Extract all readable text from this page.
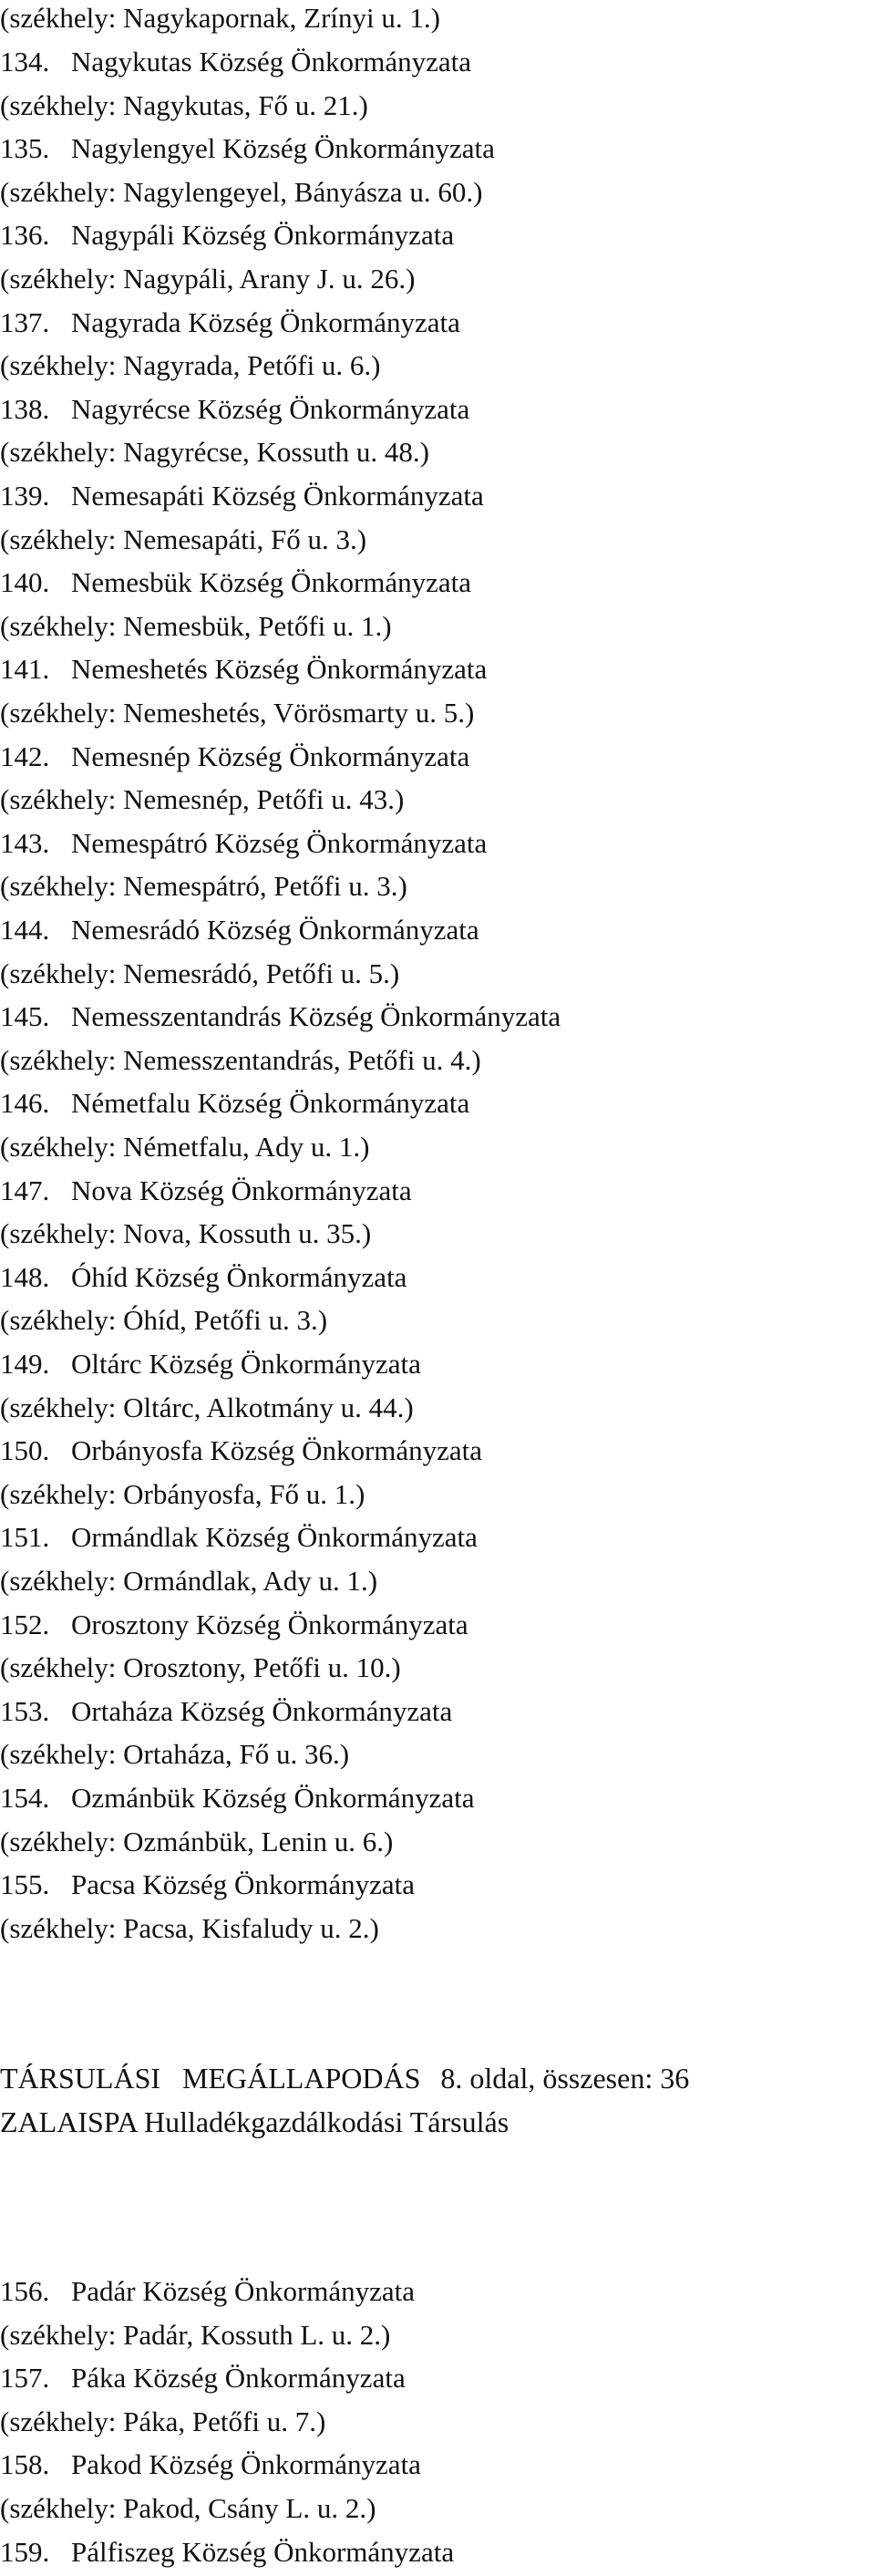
(székhely: Nagykapornak, Zrínyi u. 1.)
134. Nagykutas Község Önkormányzata
(székhely: Nagykutas, Fő u. 21.)
135. Nagylengyel Község Önkormányzata
(székhely: Nagylengeyel, Bányásza u. 60.)
136. Nagypáli Község Önkormányzata
(székhely: Nagypáli, Arany J. u. 26.)
137. Nagyrada Község Önkormányzata
(székhely: Nagyrada, Petőfi u. 6.)
138. Nagyrécse Község Önkormányzata
(székhely: Nagyrécse, Kossuth u. 48.)
139. Nemesapáti Község Önkormányzata
(székhely: Nemesapáti, Fő u. 3.)
140. Nemesbük Község Önkormányzata
(székhely: Nemesbük, Petőfi u. 1.)
141. Nemeshetés Község Önkormányzata
(székhely: Nemeshetés, Vörösmarty u. 5.)
142. Nemesnép Község Önkormányzata
(székhely: Nemesnép, Petőfi u. 43.)
143. Nemespátró Község Önkormányzata
(székhely: Nemespátró, Petőfi u. 3.)
144. Nemesrádó Község Önkormányzata
(székhely: Nemesrádó, Petőfi u. 5.)
145. Nemesszentandrás Község Önkormányzata
(székhely: Nemesszentandrás, Petőfi u. 4.)
146. Németfalu Község Önkormányzata
(székhely: Németfalu, Ady u. 1.)
147. Nova Község Önkormányzata
(székhely: Nova, Kossuth u. 35.)
148. Óhíd Község Önkormányzata
(székhely: Óhíd, Petőfi u. 3.)
149. Oltárc Község Önkormányzata
(székhely: Oltárc, Alkotmány u. 44.)
150. Orbányosfa Község Önkormányzata
(székhely: Orbányosfa, Fő u. 1.)
151. Ormándlak Község Önkormányzata
(székhely: Ormándlak, Ady u. 1.)
152. Orosztony Község Önkormányzata
(székhely: Orosztony, Petőfi u. 10.)
153. Ortaháza Község Önkormányzata
(székhely: Ortaháza, Fő u. 36.)
154. Ozmánbük Község Önkormányzata
(székhely: Ozmánbük, Lenin u. 6.)
155. Pacsa Község Önkormányzata
(székhely: Pacsa, Kisfaludy u. 2.)
TÁRSULÁSI   MEGÁLLAPODÁS 8. oldal, összesen: 36
ZALAISPA Hulladékgazdálkodási Társulás
156. Padár Község Önkormányzata
(székhely: Padár, Kossuth L. u. 2.)
157. Páka Község Önkormányzata
(székhely: Páka, Petőfi u. 7.)
158. Pakod Község Önkormányzata
(székhely: Pakod, Csány L. u. 2.)
159. Pálfiszeg Község Önkormányzata
